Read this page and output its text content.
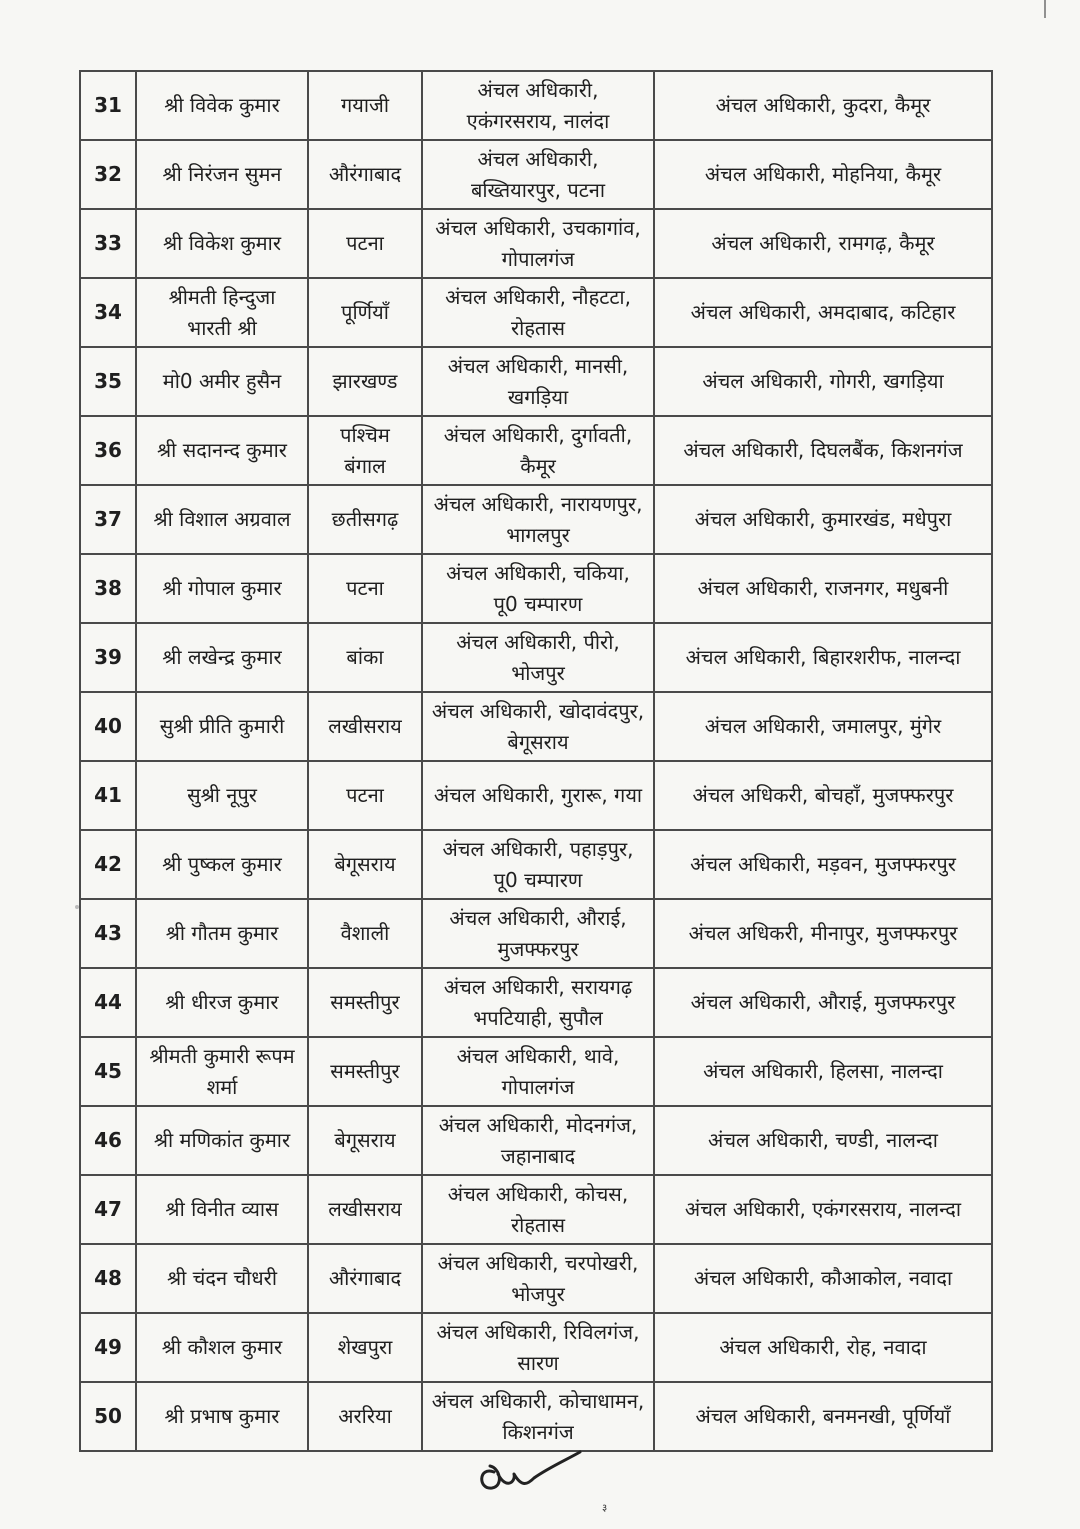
31	श्री विवेक कुमार	गयाजी	अंचल अधिकारी, एकंगरसराय, नालंदा	अंचल अधिकारी, कुदरा, कैमूर
32	श्री निरंजन सुमन	औरंगाबाद	अंचल अधिकारी, बख्तियारपुर, पटना	अंचल अधिकारी, मोहनिया, कैमूर
33	श्री विकेश कुमार	पटना	अंचल अधिकारी, उचकागांव, गोपालगंज	अंचल अधिकारी, रामगढ़, कैमूर
34	श्रीमती हिन्दुजा भारती श्री	पूर्णियाँ	अंचल अधिकारी, नौहटटा, रोहतास	अंचल अधिकारी, अमदाबाद, कटिहार
35	मो0 अमीर हुसैन	झारखण्ड	अंचल अधिकारी, मानसी, खगड़िया	अंचल अधिकारी, गोगरी, खगड़िया
36	श्री सदानन्द कुमार	पश्चिम बंगाल	अंचल अधिकारी, दुर्गावती, कैमूर	अंचल अधिकारी, दिघलबैंक, किशनगंज
37	श्री विशाल अग्रवाल	छतीसगढ़	अंचल अधिकारी, नारायणपुर, भागलपुर	अंचल अधिकारी, कुमारखंड, मधेपुरा
38	श्री गोपाल कुमार	पटना	अंचल अधिकारी, चकिया, पू0 चम्पारण	अंचल अधिकारी, राजनगर, मधुबनी
39	श्री लखेन्द्र कुमार	बांका	अंचल अधिकारी, पीरो, भोजपुर	अंचल अधिकारी, बिहारशरीफ, नालन्दा
40	सुश्री प्रीति कुमारी	लखीसराय	अंचल अधिकारी, खोदावंदपुर, बेगूसराय	अंचल अधिकारी, जमालपुर, मुंगेर
41	सुश्री नूपुर	पटना	अंचल अधिकारी, गुरारू, गया	अंचल अधिकरी, बोचहाँ, मुजफ्फरपुर
42	श्री पुष्कल कुमार	बेगूसराय	अंचल अधिकारी, पहाड़पुर, पू0 चम्पारण	अंचल अधिकारी, मड़वन, मुजफ्फरपुर
43	श्री गौतम कुमार	वैशाली	अंचल अधिकारी, औराई, मुजफ्फरपुर	अंचल अधिकरी, मीनापुर, मुजफ्फरपुर
44	श्री धीरज कुमार	समस्तीपुर	अंचल अधिकारी, सरायगढ़ भपटियाही, सुपौल	अंचल अधिकारी, औराई, मुजफ्फरपुर
45	श्रीमती कुमारी रूपम शर्मा	समस्तीपुर	अंचल अधिकारी, थावे, गोपालगंज	अंचल अधिकारी, हिलसा, नालन्दा
46	श्री मणिकांत कुमार	बेगूसराय	अंचल अधिकारी, मोदनगंज, जहानाबाद	अंचल अधिकारी, चण्डी, नालन्दा
47	श्री विनीत व्यास	लखीसराय	अंचल अधिकारी, कोचस, रोहतास	अंचल अधिकारी, एकंगरसराय, नालन्दा
48	श्री चंदन चौधरी	औरंगाबाद	अंचल अधिकारी, चरपोखरी, भोजपुर	अंचल अधिकारी, कौआकोल, नवादा
49	श्री कौशल कुमार	शेखपुरा	अंचल अधिकारी, रिविलगंज, सारण	अंचल अधिकारी, रोह, नवादा
50	श्री प्रभाष कुमार	अररिया	अंचल अधिकारी, कोचाधामन, किशनगंज	अंचल अधिकारी, बनमनखी, पूर्णियाँ
३
